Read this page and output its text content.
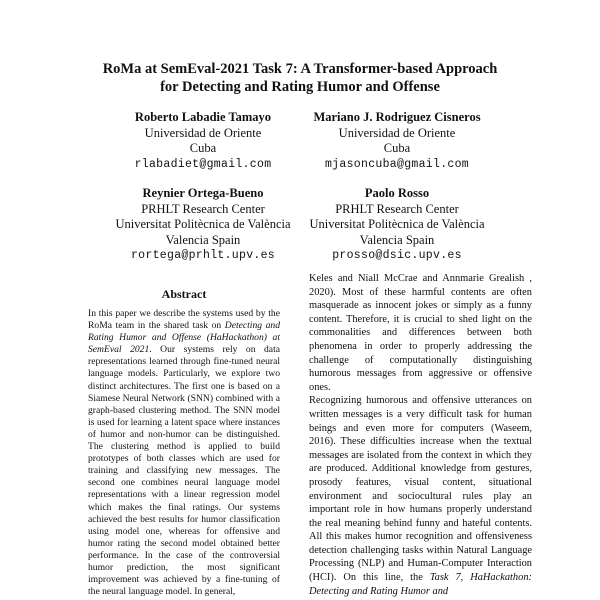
RoMa at SemEval-2021 Task 7: A Transformer-based Approach
for Detecting and Rating Humor and Offense
Roberto Labadie Tamayo
Universidad de Oriente
Cuba
rlabadiet@gmail.com
Mariano J. Rodriguez Cisneros
Universidad de Oriente
Cuba
mjasoncuba@gmail.com
Reynier Ortega-Bueno
PRHLT Research Center
Universitat Politècnica de València
Valencia Spain
rortega@prhlt.upv.es
Paolo Rosso
PRHLT Research Center
Universitat Politècnica de València
Valencia Spain
prosso@dsic.upv.es
Abstract

In this paper we describe the systems used by the RoMa team in the shared task on Detecting and Rating Humor and Offense (HaHackathon) at SemEval 2021. Our systems rely on data representations learned through fine-tuned neural language models. Particularly, we explore two distinct architectures. The first one is based on a Siamese Neural Network (SNN) combined with a graph-based clustering method. The SNN model is used for learning a latent space where instances of humor and non-humor can be distinguished. The clustering method is applied to build prototypes of both classes which are used for training and classifying new messages. The second one combines neural language model representations with a linear regression model which makes the final ratings. Our systems achieved the best results for humor classification using model one, whereas for offensive and humor rating the second model obtained better performance. In the case of the controversial humor prediction, the most significant improvement was achieved by a fine-tuning of the neural language model. In general,

Keles and Niall McCrae and Annmarie Grealish , 2020). Most of these harmful contents are often masquerade as innocent jokes or simply as a funny content. Therefore, it is crucial to shed light on the commonalities and differences between both phenomena in order to properly addressing the challenge of computationally distinguishing humorous messages from aggressive or offensive ones.

Recognizing humorous and offensive utterances on written messages is a very difficult task for human beings and even more for computers (Waseem, 2016). These difficulties increase when the textual messages are isolated from the context in which they are produced. Additional knowledge from gestures, prosody features, visual content, situational environment and sociocultural rules play an important role in how humans properly understand the real meaning behind funny and hateful contents. All this makes humor recognition and offensiveness detection challenging tasks within Natural Language Processing (NLP) and Human-Computer Interaction (HCI). On this line, the Task 7, HaHackathon: Detecting and Rating Humor and
